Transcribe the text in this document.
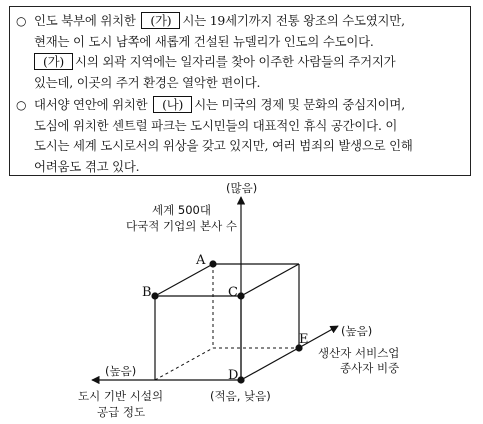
○ 인도 북부에 위치한 (가) 시는 19세기까지 전통 왕조의 수도였지만,
현재는 이 도시 남쪽에 새롭게 건설된 뉴델리가 인도의 수도이다.
(가) 시의 외곽 지역에는 일자리를 찾아 이주한 사람들의 주거지가
있는데, 이곳의 주거 환경은 열악한 편이다.
○ 대서양 연안에 위치한 (나) 시는 미국의 경제 및 문화의 중심지이며,
도심에 위치한 센트럴 파크는 도시민들의 대표적인 휴식 공간이다. 이
도시는 세계 도시로서의 위상을 갖고 있지만, 여러 범죄의 발생으로 인해
어려움도 겪고 있다.
A
B	C
D
E
(많음)
세계 500대
다국적 기업의 본사 수
(높음)
생산자 서비스업
종사자 비중
(높음)
도시 기반 시설의
공급 정도
(적음, 낮음)
